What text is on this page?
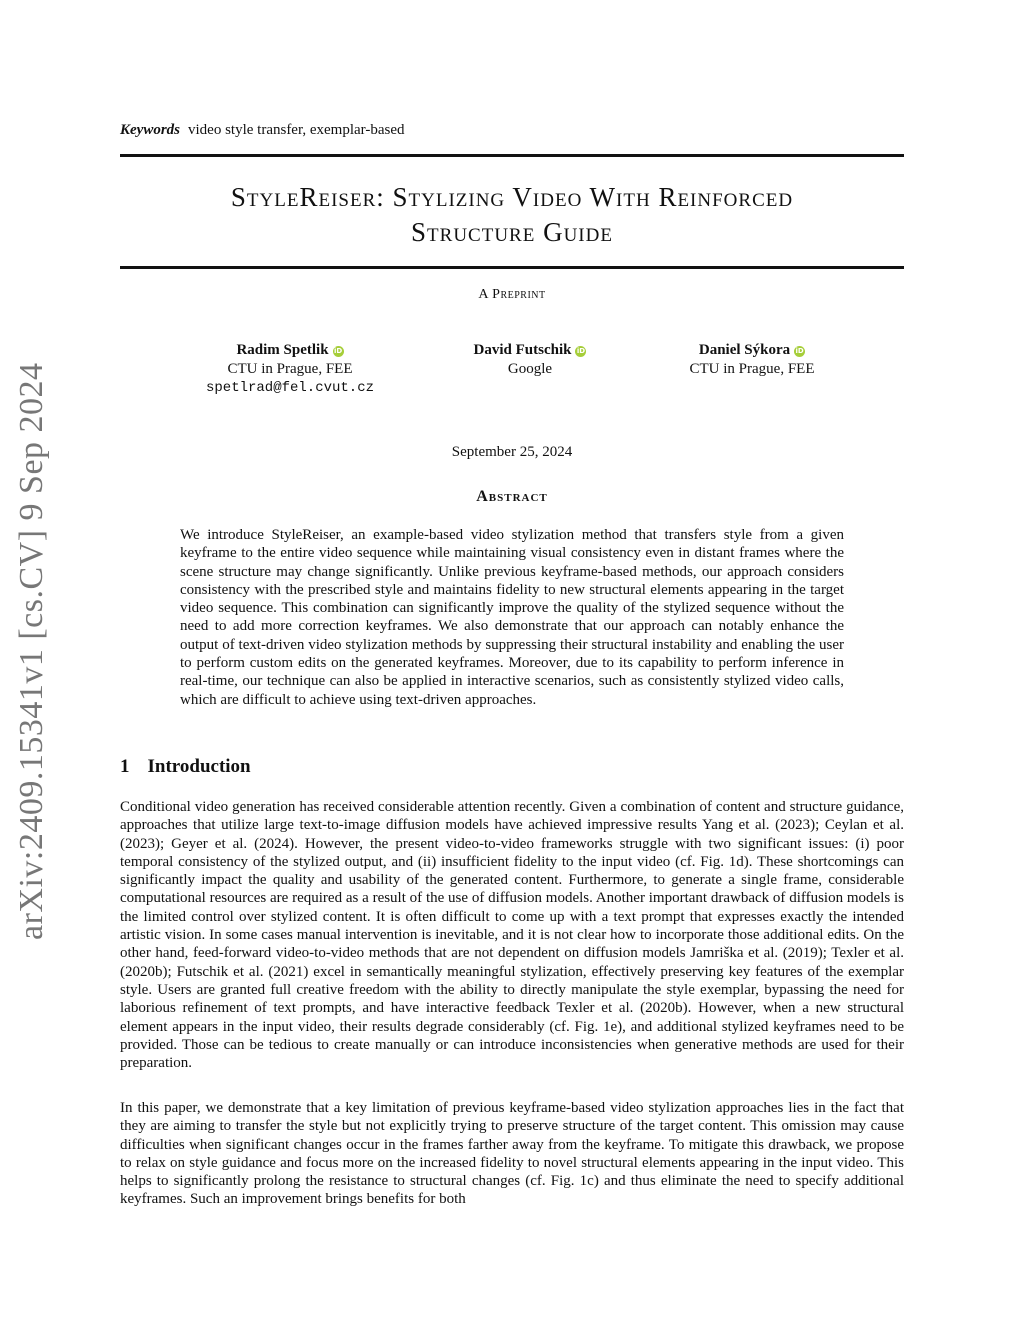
arXiv:2409.15341v1 [cs.CV] 9 Sep 2024
Keywords video style transfer, exemplar-based
StyleReiser: Stylizing Video With Reinforced
Structure Guide
A Preprint
Radim Spetlik iD
CTU in Prague, FEE
spetlrad@fel.cvut.cz
David Futschik iD
Google
Daniel Sýkora iD
CTU in Prague, FEE
September 25, 2024
Abstract
We introduce StyleReiser, an example-based video stylization method that transfers style from a given keyframe to the entire video sequence while maintaining visual consistency even in distant frames where the scene structure may change significantly. Unlike previous keyframe-based methods, our approach considers consistency with the prescribed style and maintains fidelity to new structural elements appearing in the target video sequence. This combination can significantly improve the quality of the stylized sequence without the need to add more correction keyframes. We also demonstrate that our approach can notably enhance the output of text-driven video stylization methods by suppressing their structural instability and enabling the user to perform custom edits on the generated keyframes. Moreover, due to its capability to perform inference in real-time, our technique can also be applied in interactive scenarios, such as consistently stylized video calls, which are difficult to achieve using text-driven approaches.
1 Introduction

Conditional video generation has received considerable attention recently. Given a combination of content and structure guidance, approaches that utilize large text-to-image diffusion models have achieved impressive results Yang et al. (2023); Ceylan et al. (2023); Geyer et al. (2024). However, the present video-to-video frameworks struggle with two significant issues: (i) poor temporal consistency of the stylized output, and (ii) insufficient fidelity to the input video (cf. Fig. 1d). These shortcomings can significantly impact the quality and usability of the generated content. Furthermore, to generate a single frame, considerable computational resources are required as a result of the use of diffusion models. Another important drawback of diffusion models is the limited control over stylized content. It is often difficult to come up with a text prompt that expresses exactly the intended artistic vision. In some cases manual intervention is inevitable, and it is not clear how to incorporate those additional edits. On the other hand, feed-forward video-to-video methods that are not dependent on diffusion models Jamriška et al. (2019); Texler et al. (2020b); Futschik et al. (2021) excel in semantically meaningful stylization, effectively preserving key features of the exemplar style. Users are granted full creative freedom with the ability to directly manipulate the style exemplar, bypassing the need for laborious refinement of text prompts, and have interactive feedback Texler et al. (2020b). However, when a new structural element appears in the input video, their results degrade considerably (cf. Fig. 1e), and additional stylized keyframes need to be provided. Those can be tedious to create manually or can introduce inconsistencies when generative methods are used for their preparation.

In this paper, we demonstrate that a key limitation of previous keyframe-based video stylization approaches lies in the fact that they are aiming to transfer the style but not explicitly trying to preserve structure of the target content. This omission may cause difficulties when significant changes occur in the frames farther away from the keyframe. To mitigate this drawback, we propose to relax on style guidance and focus more on the increased fidelity to novel structural elements appearing in the input video. This helps to significantly prolong the resistance to structural changes (cf. Fig. 1c) and thus eliminate the need to specify additional keyframes. Such an improvement brings benefits for both
